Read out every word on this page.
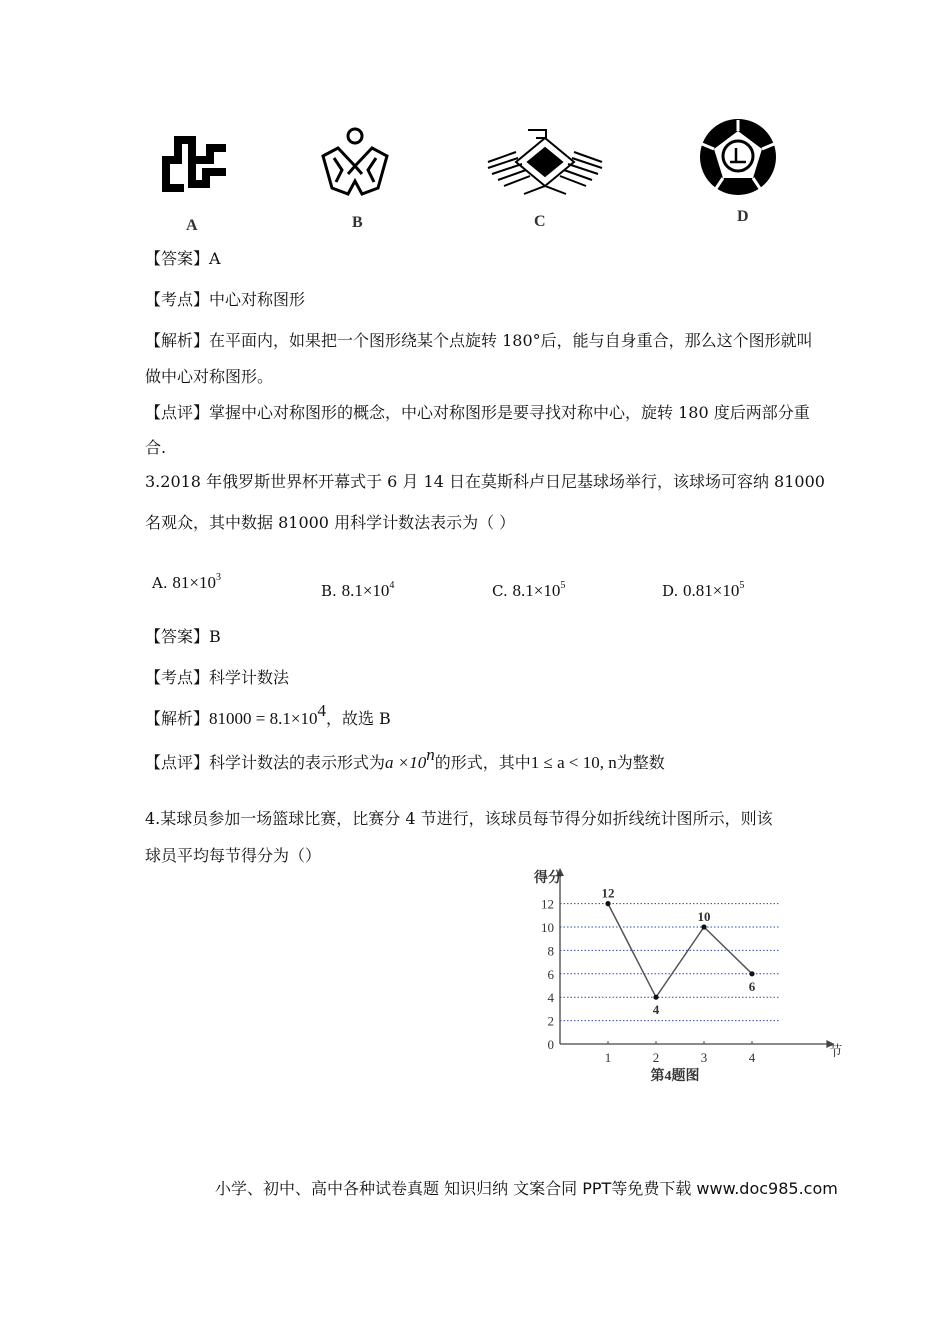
A	B	C	D
【答案】A
【考点】中心对称图形
【解析】在平面内，如果把一个图形绕某个点旋转 180°后，能与自身重合，那么这个图形就叫
做中心对称图形。
【点评】掌握中心对称图形的概念，中心对称图形是要寻找对称中心，旋转 180 度后两部分重
合.
3.2018 年俄罗斯世界杯开幕式于 6 月 14 日在莫斯科卢日尼基球场举行，该球场可容纳 81000
名观众，其中数据 81000 用科学计数法表示为（ ）
A. $81\times 10^3$
B. $8.1\times 10^4$	C. $8.1\times 10^5$	D. $0.81\times 10^5$
【答案】B
【考点】科学计数法
【解析】$81000 = 8.1\times 10^4$，故选 B
【点评】科学计数法的表示形式为$a \times 10^n$的形式，其中1 ≤ a < 10, n为整数
4.某球员参加一场篮球比赛，比赛分 4 节进行，该球员每节得分如折线统计图所示，则该
球员平均每节得分为（）
0
2
4
6
8
10
12
1	2	3	4
得分
节
第4题图
12
4
10
6
小学、初中、高中各种试卷真题 知识归纳 文案合同 PPT等免费下载 www.doc985.com
